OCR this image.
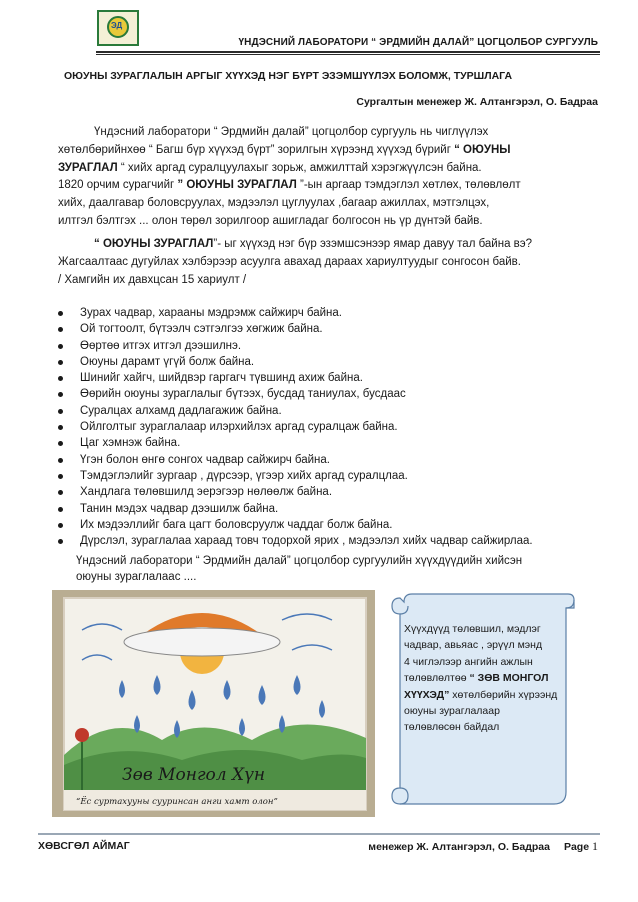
ЭД
ҮНДЭСНИЙ ЛАБОРАТОРИ “ ЭРДМИЙН ДАЛАЙ” ЦОГЦОЛБОР СУРГУУЛЬ
ОЮУНЫ ЗУРАГЛАЛЫН АРГЫГ ХҮҮХЭД НЭГ БҮРТ ЭЗЭМШҮҮЛЭХ БОЛОМЖ, ТУРШЛАГА
Сургалтын менежер Ж. Алтангэрэл, О. Бадраа
Үндэсний лаборатори “ Эрдмийн далай” цогцолбор сургууль нь чиглүүлэх
хөтөлбөрийнхөө “ Багш бүр хүүхэд бүрт” зорилгын хүрээнд хүүхэд бүрийг “ ОЮУНЫ
ЗУРАГЛАЛ “ хийх аргад суралцуулахыг зорьж, амжилттай хэрэгжүүлсэн байна.
1820 орчим сурагчийг ” ОЮУНЫ ЗУРАГЛАЛ ”-ын аргаар тэмдэглэл хөтлөх, төлөвлөлт
хийх, даалгавар боловсруулах, мэдээлэл цуглуулах ,багаар ажиллах, мэтгэлцэх,
илтгэл бэлтгэх ... олон төрөл зорилгоор ашигладаг болгосон нь үр дүнтэй байв.
“ ОЮУНЫ ЗУРАГЛАЛ”- ыг хүүхэд нэг бүр эзэмшсэнээр ямар давуу тал байна вэ?
Жагсаалтаас дугуйлах хэлбэрээр асуулга авахад дараах хариултуудыг сонгосон байв.
/ Хамгийн их давхцсан 15 хариулт /
Зурах чадвар, харааны мэдрэмж сайжирч байна.
Ой тогтоолт, бүтээлч сэтгэлгээ хөгжиж байна.
Өөртөө итгэх итгэл дээшилнэ.
Оюуны дарамт үгүй болж байна.
Шинийг хайгч, шийдвэр гаргагч түвшинд ахиж байна.
Өөрийн оюуны зураглалыг бүтээх, бусдад таниулах, бусдаас
Суралцах алхамд дадлагажиж байна.
Ойлголтыг зураглалаар илэрхийлэх аргад суралцаж байна.
Цаг хэмнэж байна.
Үгэн болон өнгө сонгох чадвар сайжирч байна.
Тэмдэглэлийг зургаар , дүрсээр, үгээр хийх аргад суралцлаа.
Хандлага төлөвшилд эерэгээр нөлөөлж байна.
Танин мэдэх чадвар дээшилж байна.
Их мэдээллийг бага цагт боловсруулж чаддаг болж байна.
Дүрслэл, зураглалаа хараад товч тодорхой ярих , мэдээлэл хийх чадвар сайжирлаа.
Үндэсний лаборатори “ Эрдмийн далай” цогцолбор сургуулийн хүүхдүүдийн хийсэн
оюуны зураглалаас ....
Зөв Монгол Хүн
“Ёс суртахууны сууринсан анги хамт олон”
Хүүхдүүд төлөвшил, мэдлэг
чадвар, авьяас , эрүүл мэнд
4 чиглэлээр ангийн ажлын
төлөвлөлтөө “ ЗӨВ МОНГОЛ
ХҮҮХЭД” хөтөлбөрийн хүрээнд
оюуны зураглалаар
төлөвлөсөн байдал
ХӨВСГӨЛ АЙМАГ	менежер Ж. Алтангэрэл, О. Бадраа Page 1
